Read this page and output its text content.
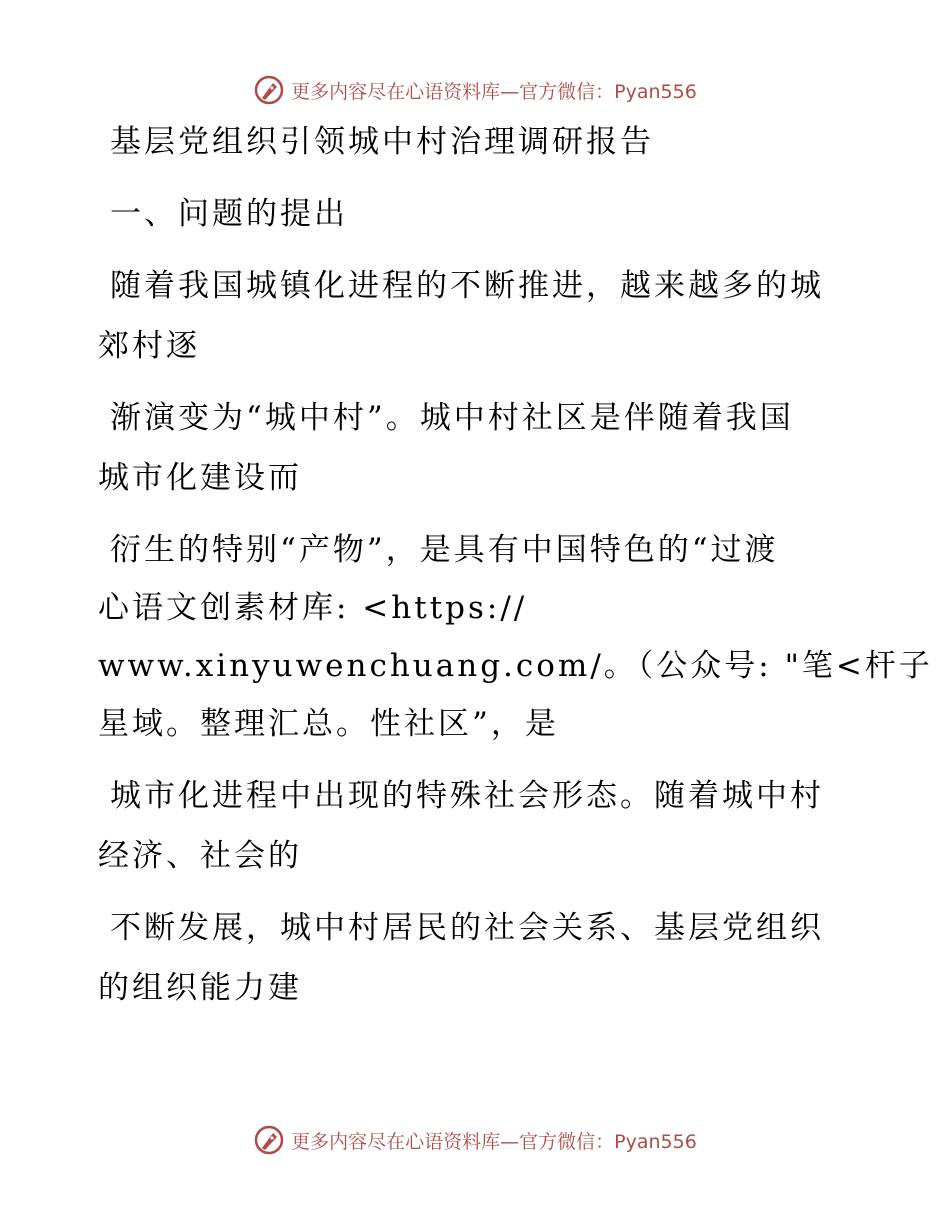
更多内容尽在心语资料库—官方微信：Pyan556
基层党组织引领城中村治理调研报告
一、问题的提出
随着我国城镇化进程的不断推进，越来越多的城
郊村逐
渐演变为“城中村”。城中村社区是伴随着我国
城市化建设而
衍生的特别“产物”，是具有中国特色的“过渡
心语文创素材库: <https://
www.xinyuwenchuang.com/。（公众号: "笔<杆子
星域。整理汇总。性社区”，是
城市化进程中出现的特殊社会形态。随着城中村
经济、社会的
不断发展，城中村居民的社会关系、基层党组织
的组织能力建
更多内容尽在心语资料库—官方微信：Pyan556
